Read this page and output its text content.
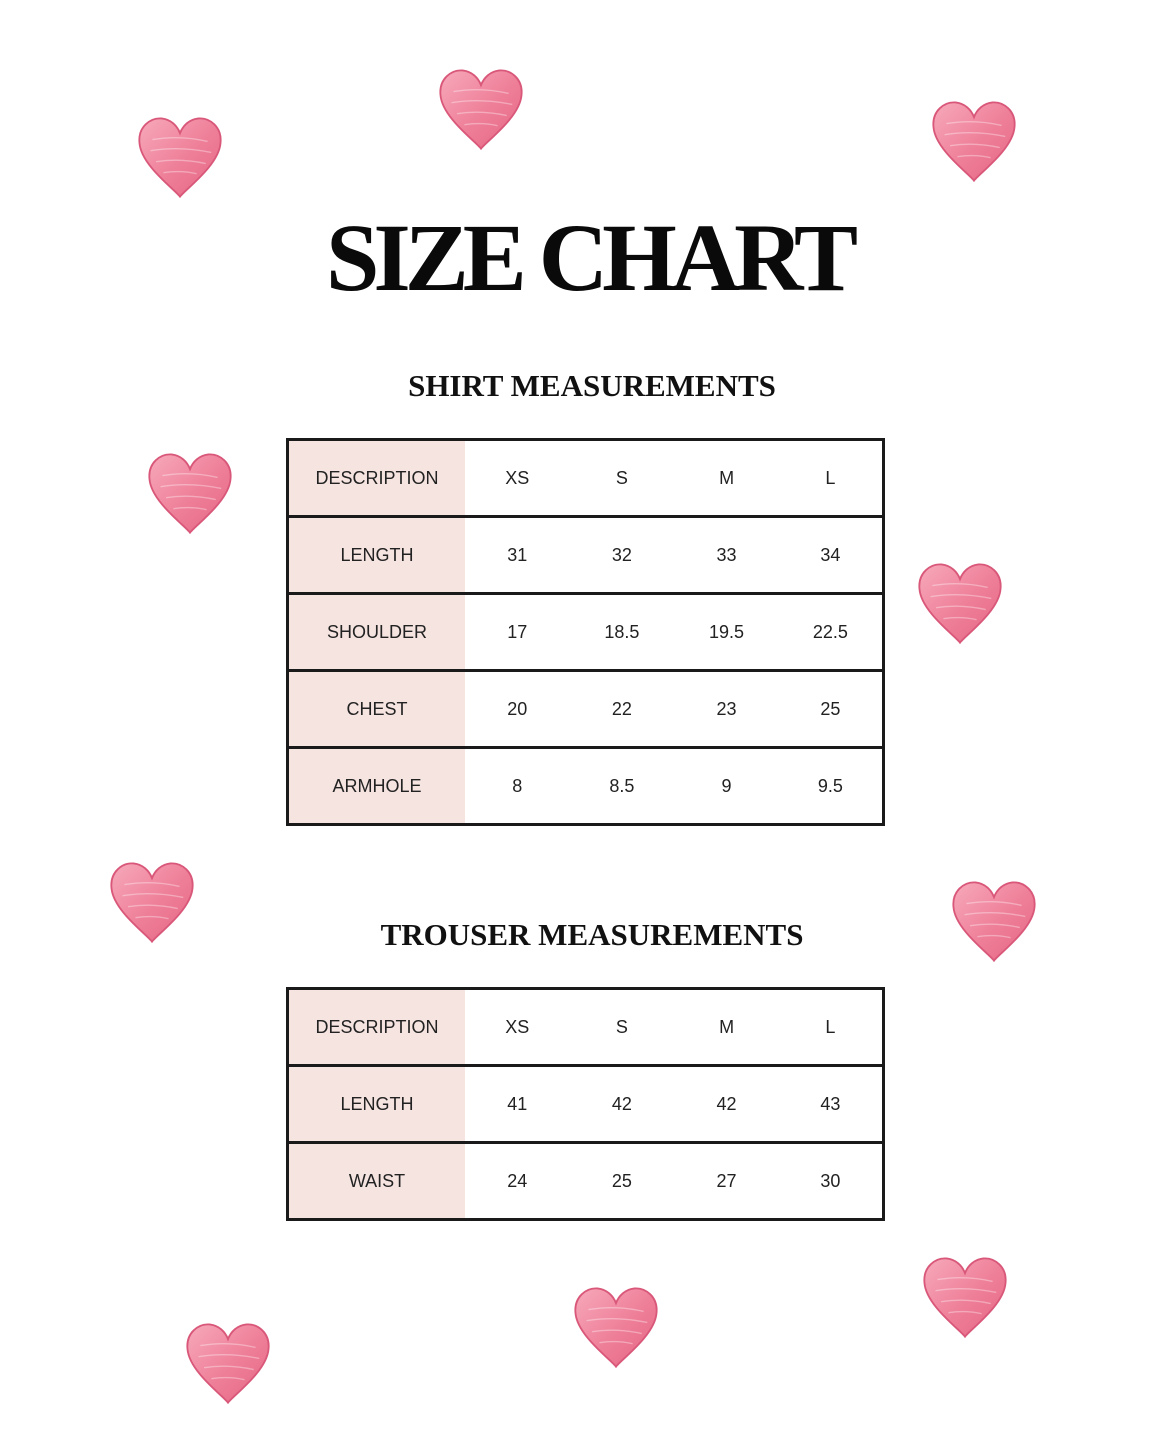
SIZE CHART
SHIRT MEASUREMENTS
DESCRIPTION	XS	S	M	L
LENGTH	31	32	33	34
SHOULDER	17	18.5	19.5	22.5
CHEST	20	22	23	25
ARMHOLE	8	8.5	9	9.5
TROUSER MEASUREMENTS
DESCRIPTION	XS	S	M	L
LENGTH	41	42	42	43
WAIST	24	25	27	30
